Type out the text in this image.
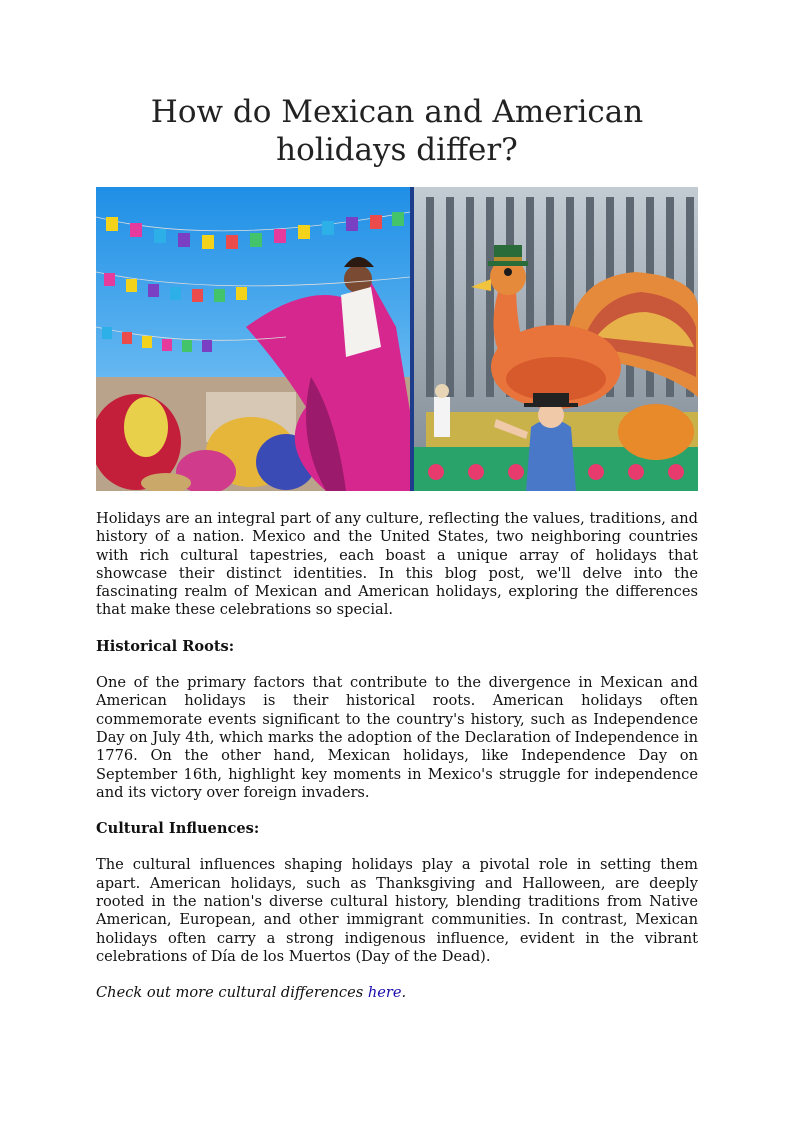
How do Mexican and American holidays differ?

Holidays are an integral part of any culture, reflecting the values, traditions, and history of a nation. Mexico and the United States, two neighboring countries with rich cultural tapestries, each boast a unique array of holidays that showcase their distinct identities. In this blog post, we'll delve into the fascinating realm of Mexican and American holidays, exploring the differences that make these celebrations so special.

Historical Roots:

One of the primary factors that contribute to the divergence in Mexican and American holidays is their historical roots. American holidays often commemorate events significant to the country's history, such as Independence Day on July 4th, which marks the adoption of the Declaration of Independence in 1776. On the other hand, Mexican holidays, like Independence Day on September 16th, highlight key moments in Mexico's struggle for independence and its victory over foreign invaders.

Cultural Influences:

The cultural influences shaping holidays play a pivotal role in setting them apart. American holidays, such as Thanksgiving and Halloween, are deeply rooted in the nation's diverse cultural history, blending traditions from Native American, European, and other immigrant communities. In contrast, Mexican holidays often carry a strong indigenous influence, evident in the vibrant celebrations of Día de los Muertos (Day of the Dead).

Check out more cultural differences here.
